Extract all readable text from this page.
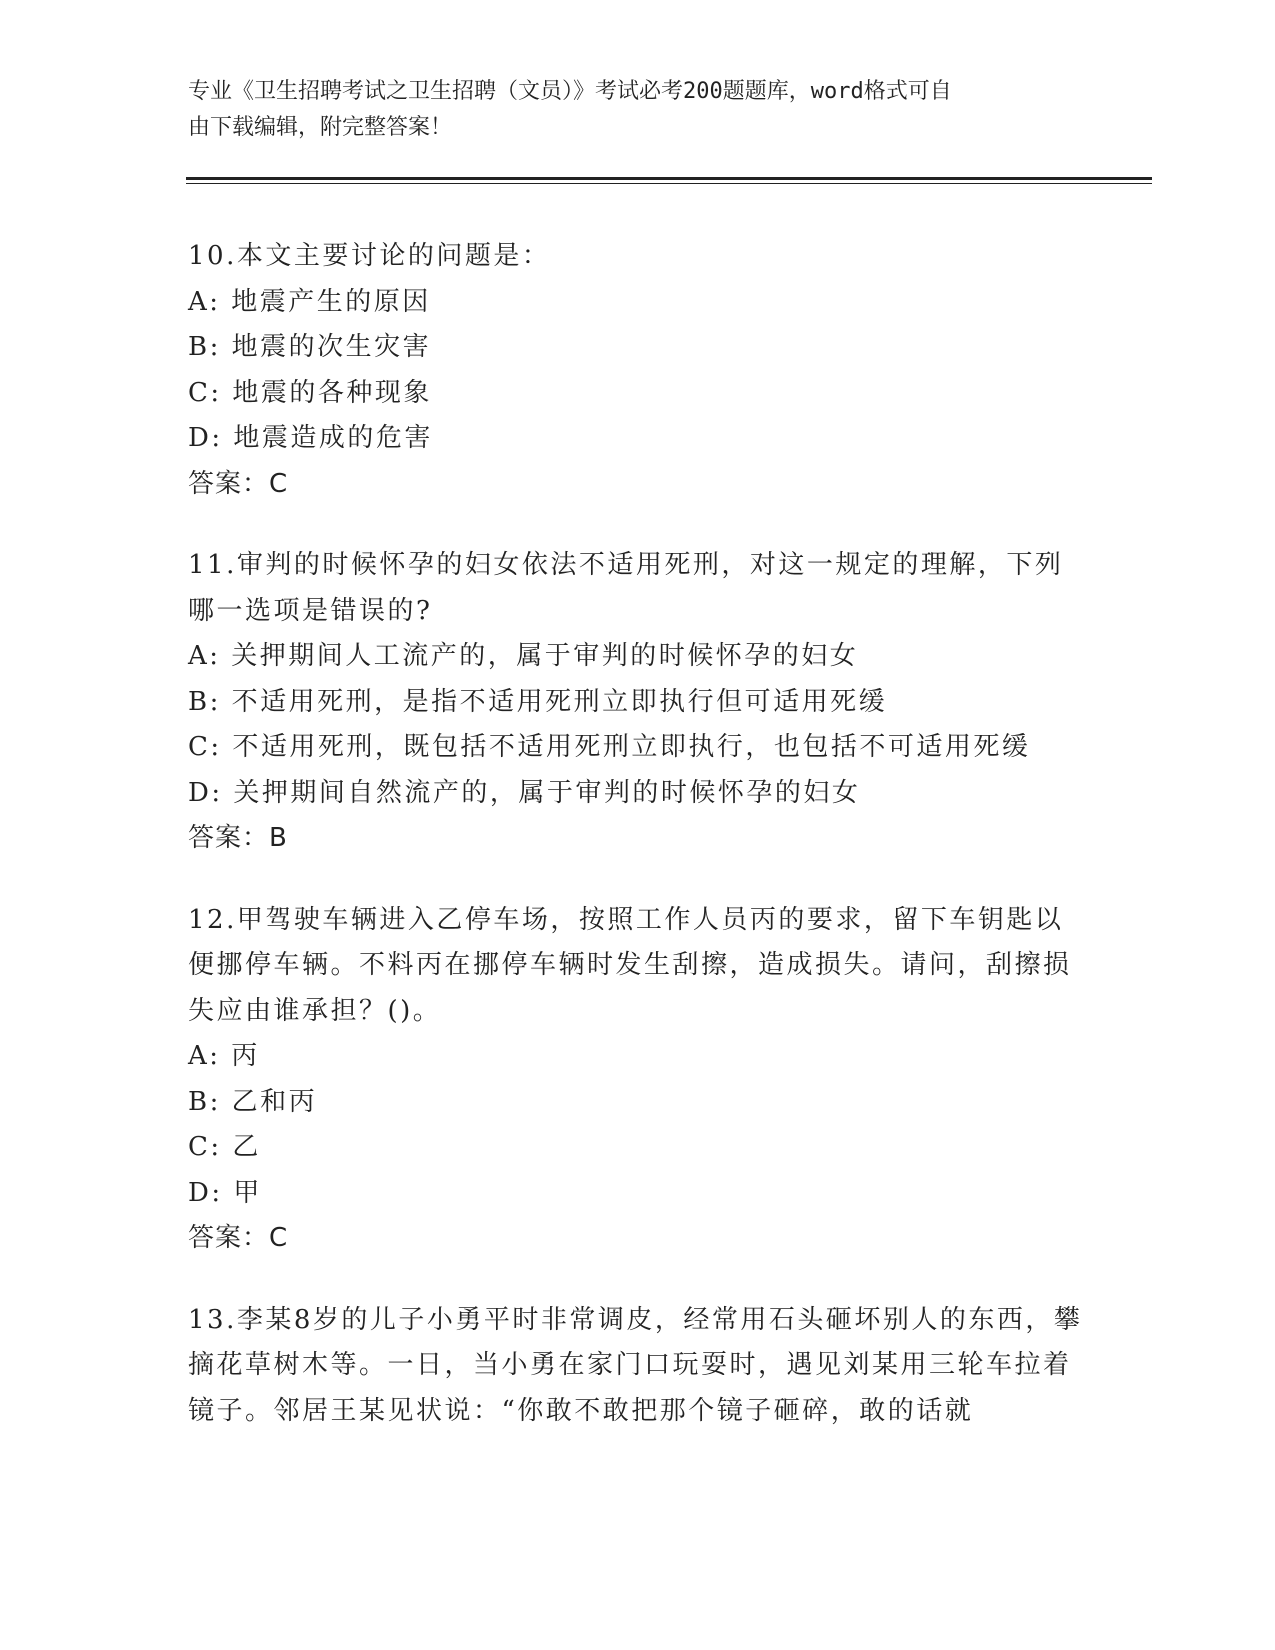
专业《卫生招聘考试之卫生招聘（文员）》考试必考200题题库，word格式可自
由下载编辑，附完整答案！
10.本文主要讨论的问题是：
A: 地震产生的原因
B: 地震的次生灾害
C: 地震的各种现象
D: 地震造成的危害
答案：C
11.审判的时候怀孕的妇女依法不适用死刑，对这一规定的理解，下列哪一选项是错误的?
A: 关押期间人工流产的，属于审判的时候怀孕的妇女
B: 不适用死刑，是指不适用死刑立即执行但可适用死缓
C: 不适用死刑，既包括不适用死刑立即执行，也包括不可适用死缓
D: 关押期间自然流产的，属于审判的时候怀孕的妇女
答案：B
12.甲驾驶车辆进入乙停车场，按照工作人员丙的要求，留下车钥匙以便挪停车辆。不料丙在挪停车辆时发生刮擦，造成损失。请问，刮擦损失应由谁承担？()。
A: 丙
B: 乙和丙
C: 乙
D: 甲
答案：C
13.李某8岁的儿子小勇平时非常调皮，经常用石头砸坏别人的东西，攀摘花草树木等。一日，当小勇在家门口玩耍时，遇见刘某用三轮车拉着镜子。邻居王某见状说：“你敢不敢把那个镜子砸碎，敢的话就
